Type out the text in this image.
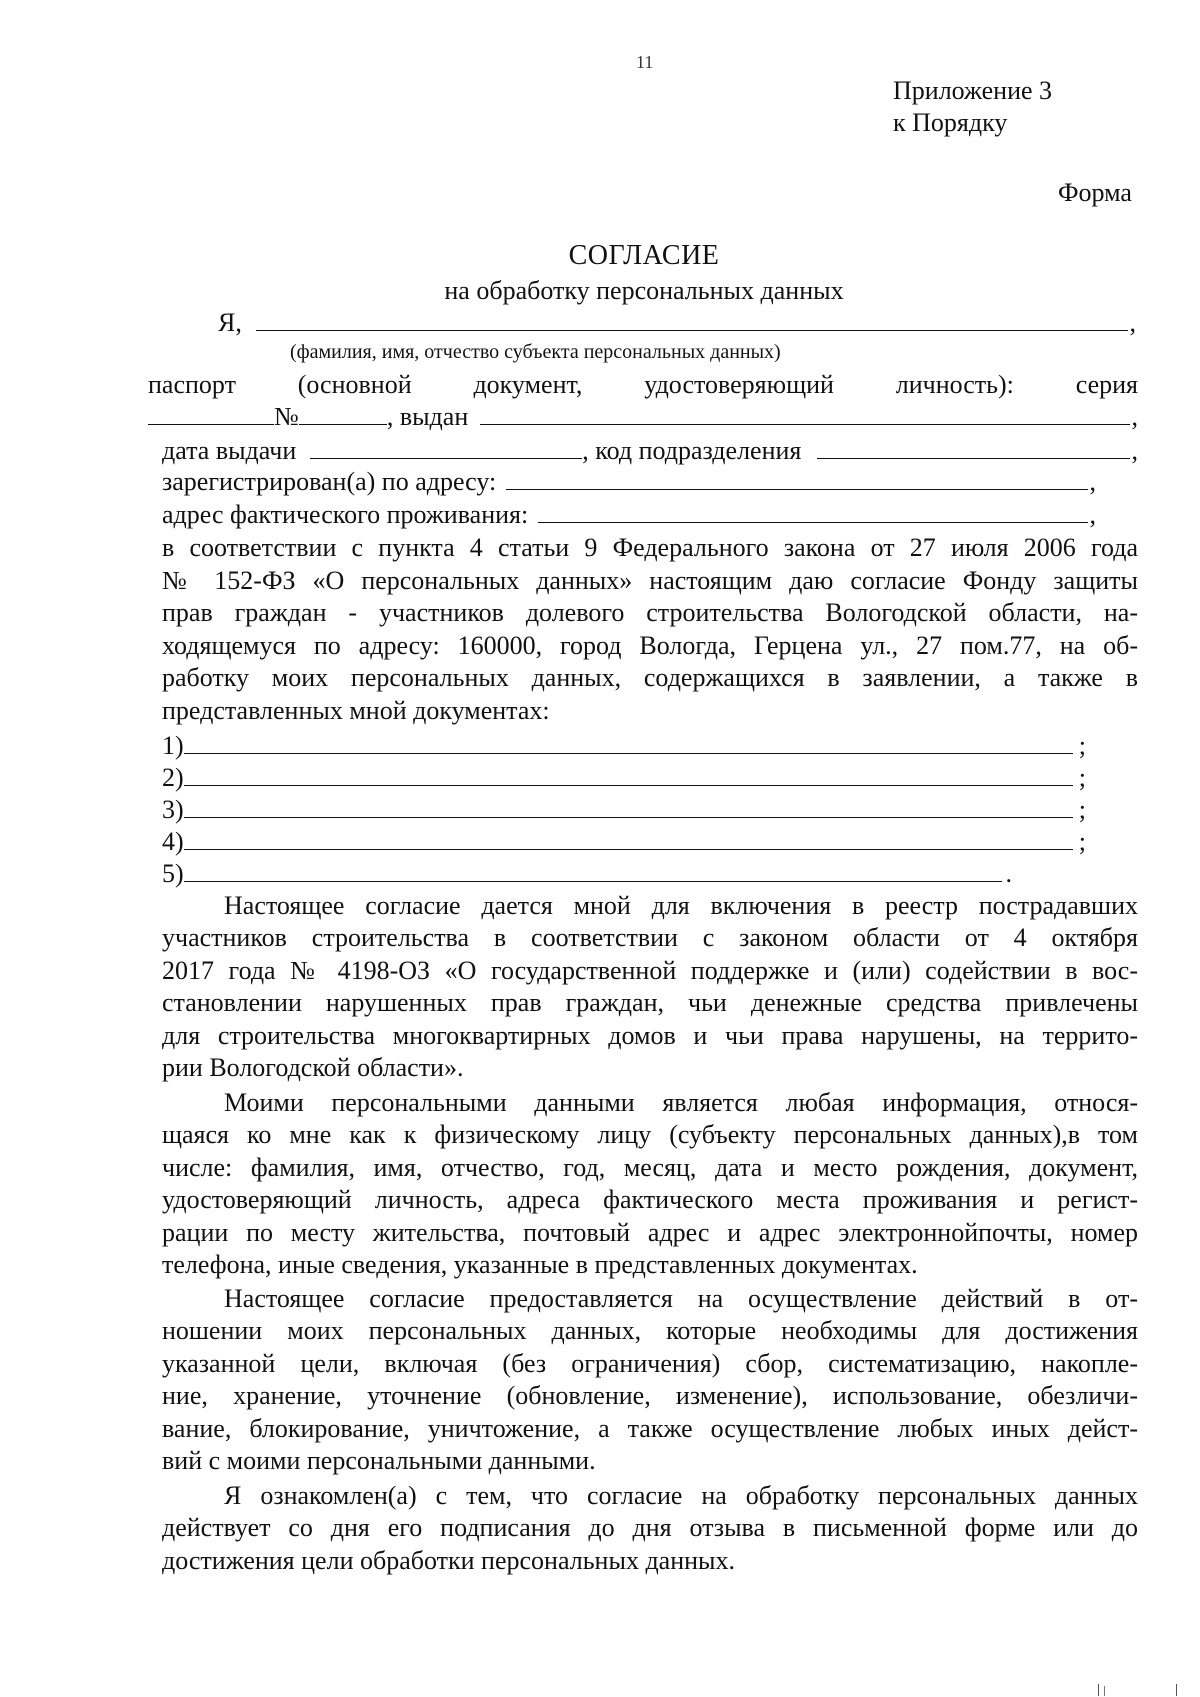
11
Приложение 3
к Порядку
Форма
СОГЛАСИЕ
на обработку персональных данных
Я,	,
(фамилия, имя, отчество субъекта персональных данных)
паспорт (основной документ, удостоверяющий личность): серия
№	, выдан	,
дата выдачи	, код подразделения	,
зарегистрирован(а) по адресу:	,
адрес фактического проживания:	,
в соответствии с пункта 4 статьи 9 Федерального закона от 27 июля 2006 года
№ 152-ФЗ «О персональных данных» настоящим даю согласие Фонду защиты
прав граждан - участников долевого строительства Вологодской области, на-
ходящемуся по адресу: 160000, город Вологда, Герцена ул., 27 пом.77, на об-
работку моих персональных данных, содержащихся в заявлении, а также в
представленных мной документах:
1)	;
2)	;
3)	;
4)	;
5)	.
Настоящее согласие дается мной для включения в реестр пострадавших
участников строительства в соответствии с законом области от 4 октября
2017 года № 4198-ОЗ «О государственной поддержке и (или) содействии в вос-
становлении нарушенных прав граждан, чьи денежные средства привлечены
для строительства многоквартирных домов и чьи права нарушены, на террито-
рии Вологодской области».
Моими персональными данными является любая информация, относя-
щаяся ко мне как к физическому лицу (субъекту персональных данных),в том
числе: фамилия, имя, отчество, год, месяц, дата и место рождения, документ,
удостоверяющий личность, адреса фактического места проживания и регист-
рации по месту жительства, почтовый адрес и адрес электроннойпочты, номер
телефона, иные сведения, указанные в представленных документах.
Настоящее согласие предоставляется на осуществление действий в от-
ношении моих персональных данных, которые необходимы для достижения
указанной цели, включая (без ограничения) сбор, систематизацию, накопле-
ние, хранение, уточнение (обновление, изменение), использование, обезличи-
вание, блокирование, уничтожение, а также осуществление любых иных дейст-
вий с моими персональными данными.
Я ознакомлен(а) с тем, что согласие на обработку персональных данных
действует со дня его подписания до дня отзыва в письменной форме или до
достижения цели обработки персональных данных.
